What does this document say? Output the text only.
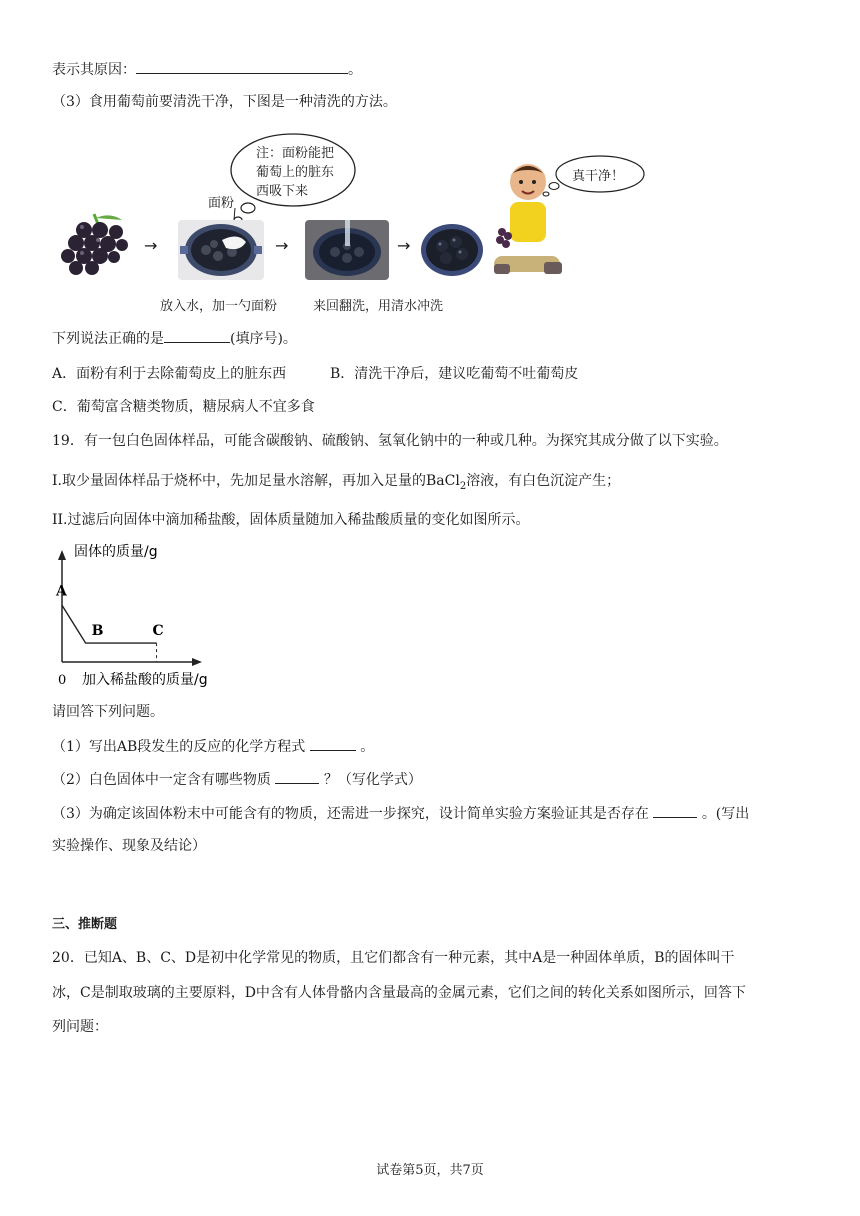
表示其原因：	。
（3）食用葡萄前要清洗干净，下图是一种清洗的方法。
注：面粉能把
葡萄上的脏东
西吸下来
面粉
→	→	→
真干净！
放入水，加一勺面粉	来回翻洗，用清水冲洗
下列说法正确的是	(填序号)。
A．面粉有利于去除葡萄皮上的脏东西	B．清洗干净后，建议吃葡萄不吐葡萄皮
C．葡萄富含糖类物质，糖尿病人不宜多食
19．有一包白色固体样品，可能含碳酸钠、硫酸钠、氢氧化钠中的一种或几种。为探究其成分做了以下实验。
I.取少量固体样品于烧杯中，先加足量水溶解，再加入足量的BaCl$_2$溶液，有白色沉淀产生；
II.过滤后向固体中滴加稀盐酸，固体质量随加入稀盐酸质量的变化如图所示。
固体的质量/g
0 加入稀盐酸的质量/g
A
B	C
请回答下列问题。
（1）写出AB段发生的反应的化学方程式	。
（2）白色固体中一定含有哪些物质	？（写化学式）
（3）为确定该固体粉末中可能含有的物质，还需进一步探究，设计简单实验方案验证其是否存在	。(写出
实验操作、现象及结论）
三、推断题
20．已知A、B、C、D是初中化学常见的物质，且它们都含有一种元素，其中A是一种固体单质，B的固体叫干
冰，C是制取玻璃的主要原料，D中含有人体骨骼内含量最高的金属元素，它们之间的转化关系如图所示，回答下
列问题：
试卷第5页，共7页
